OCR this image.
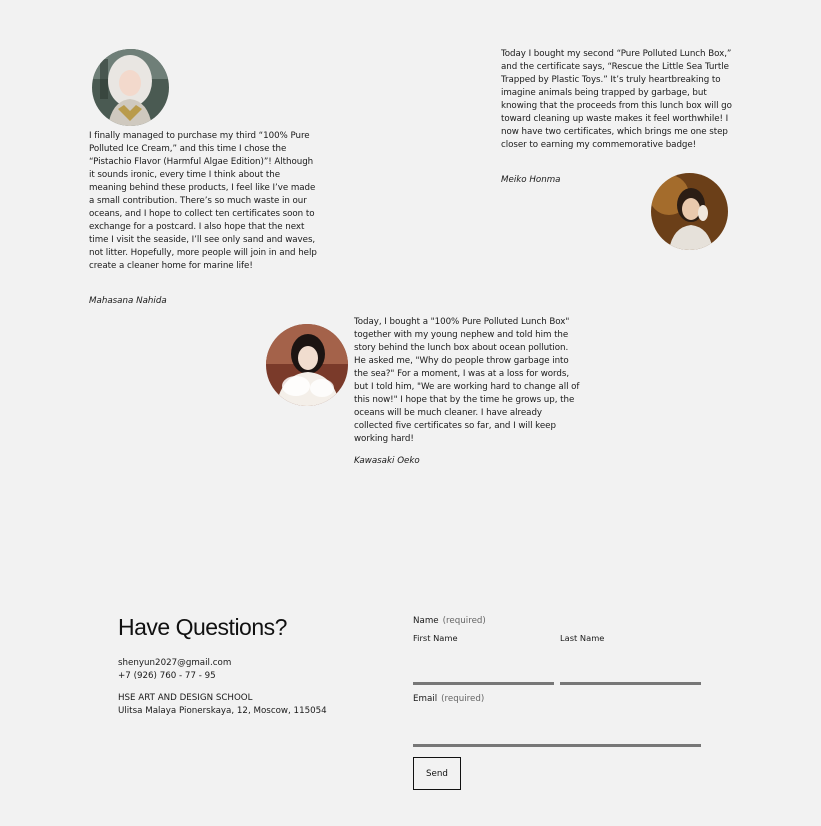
I finally managed to purchase my third “100% Pure Polluted Ice Cream,” and this time I chose the “Pistachio Flavor (Harmful Algae Edition)”! Although it sounds ironic, every time I think about the meaning behind these products, I feel like I’ve made a small contribution. There’s so much waste in our oceans, and I hope to collect ten certificates soon to exchange for a postcard. I also hope that the next time I visit the seaside, I’ll see only sand and waves, not litter. Hopefully, more people will join in and help create a cleaner home for marine life!
Mahasana Nahida
Today I bought my second “Pure Polluted Lunch Box,” and the certificate says, “Rescue the Little Sea Turtle Trapped by Plastic Toys.” It’s truly heartbreaking to imagine animals being trapped by garbage, but knowing that the proceeds from this lunch box will go toward cleaning up waste makes it feel worthwhile! I now have two certificates, which brings me one step closer to earning my commemorative badge!
Meiko Honma
Today, I bought a "100% Pure Polluted Lunch Box" together with my young nephew and told him the story behind the lunch box about ocean pollution. He asked me, "Why do people throw garbage into the sea?" For a moment, I was at a loss for words, but I told him, "We are working hard to change all of this now!" I hope that by the time he grows up, the oceans will be much cleaner. I have already collected five certificates so far, and I will keep working hard!
Kawasaki Oeko
Have Questions?
shenyun2027@gmail.com
+7 (926) 760 - 77 - 95
HSE ART AND DESIGN SCHOOL
Ulitsa Malaya Pionerskaya, 12, Moscow, 115054
Name (required)
First Name	Last Name
Email (required)
Send
